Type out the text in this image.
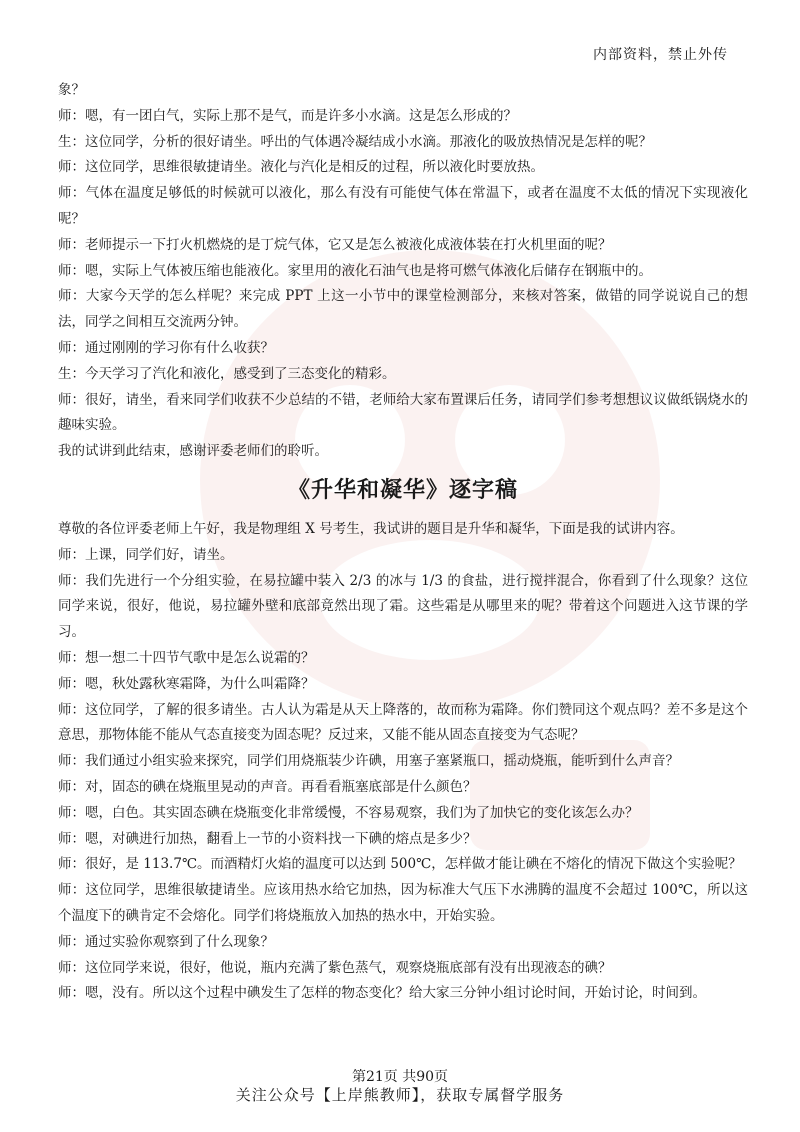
内部资料，禁止外传

象？

师：嗯，有一团白气，实际上那不是气，而是许多小水滴。这是怎么形成的？

生：这位同学，分析的很好请坐。呼出的气体遇冷凝结成小水滴。那液化的吸放热情况是怎样的呢？

师：这位同学，思维很敏捷请坐。液化与汽化是相反的过程，所以液化时要放热。

师：气体在温度足够低的时候就可以液化，那么有没有可能使气体在常温下，或者在温度不太低的情况下实现液化呢？

师：老师提示一下打火机燃烧的是丁烷气体，它又是怎么被液化成液体装在打火机里面的呢？

师：嗯，实际上气体被压缩也能液化。家里用的液化石油气也是将可燃气体液化后储存在钢瓶中的。

师：大家今天学的怎么样呢？来完成 PPT 上这一小节中的课堂检测部分，来核对答案，做错的同学说说自己的想法，同学之间相互交流两分钟。

师：通过刚刚的学习你有什么收获？

生：今天学习了汽化和液化，感受到了三态变化的精彩。

师：很好，请坐，看来同学们收获不少总结的不错，老师给大家布置课后任务，请同学们参考想想议议做纸锅烧水的趣味实验。

我的试讲到此结束，感谢评委老师们的聆听。

《升华和凝华》逐字稿

尊敬的各位评委老师上午好，我是物理组 X 号考生，我试讲的题目是升华和凝华，下面是我的试讲内容。

师：上课，同学们好，请坐。

师：我们先进行一个分组实验，在易拉罐中装入 2/3 的冰与 1/3 的食盐，进行搅拌混合，你看到了什么现象？这位同学来说，很好，他说，易拉罐外壁和底部竟然出现了霜。这些霜是从哪里来的呢？带着这个问题进入这节课的学习。

师：想一想二十四节气歌中是怎么说霜的？

师：嗯，秋处露秋寒霜降，为什么叫霜降？

师：这位同学，了解的很多请坐。古人认为霜是从天上降落的，故而称为霜降。你们赞同这个观点吗？差不多是这个意思，那物体能不能从气态直接变为固态呢？反过来，又能不能从固态直接变为气态呢？

师：我们通过小组实验来探究，同学们用烧瓶装少许碘，用塞子塞紧瓶口，摇动烧瓶，能听到什么声音？

师：对，固态的碘在烧瓶里晃动的声音。再看看瓶塞底部是什么颜色？

师：嗯，白色。其实固态碘在烧瓶变化非常缓慢，不容易观察，我们为了加快它的变化该怎么办？

师：嗯，对碘进行加热，翻看上一节的小资料找一下碘的熔点是多少？

师：很好，是 113.7℃。而酒精灯火焰的温度可以达到 500℃，怎样做才能让碘在不熔化的情况下做这个实验呢？

师：这位同学，思维很敏捷请坐。应该用热水给它加热，因为标准大气压下水沸腾的温度不会超过 100℃，所以这个温度下的碘肯定不会熔化。同学们将烧瓶放入加热的热水中，开始实验。

师：通过实验你观察到了什么现象？

师：这位同学来说，很好，他说，瓶内充满了紫色蒸气，观察烧瓶底部有没有出现液态的碘？

师：嗯，没有。所以这个过程中碘发生了怎样的物态变化？给大家三分钟小组讨论时间，开始讨论，时间到。

第21页 共90页
关注公众号【上岸熊教师】，获取专属督学服务
